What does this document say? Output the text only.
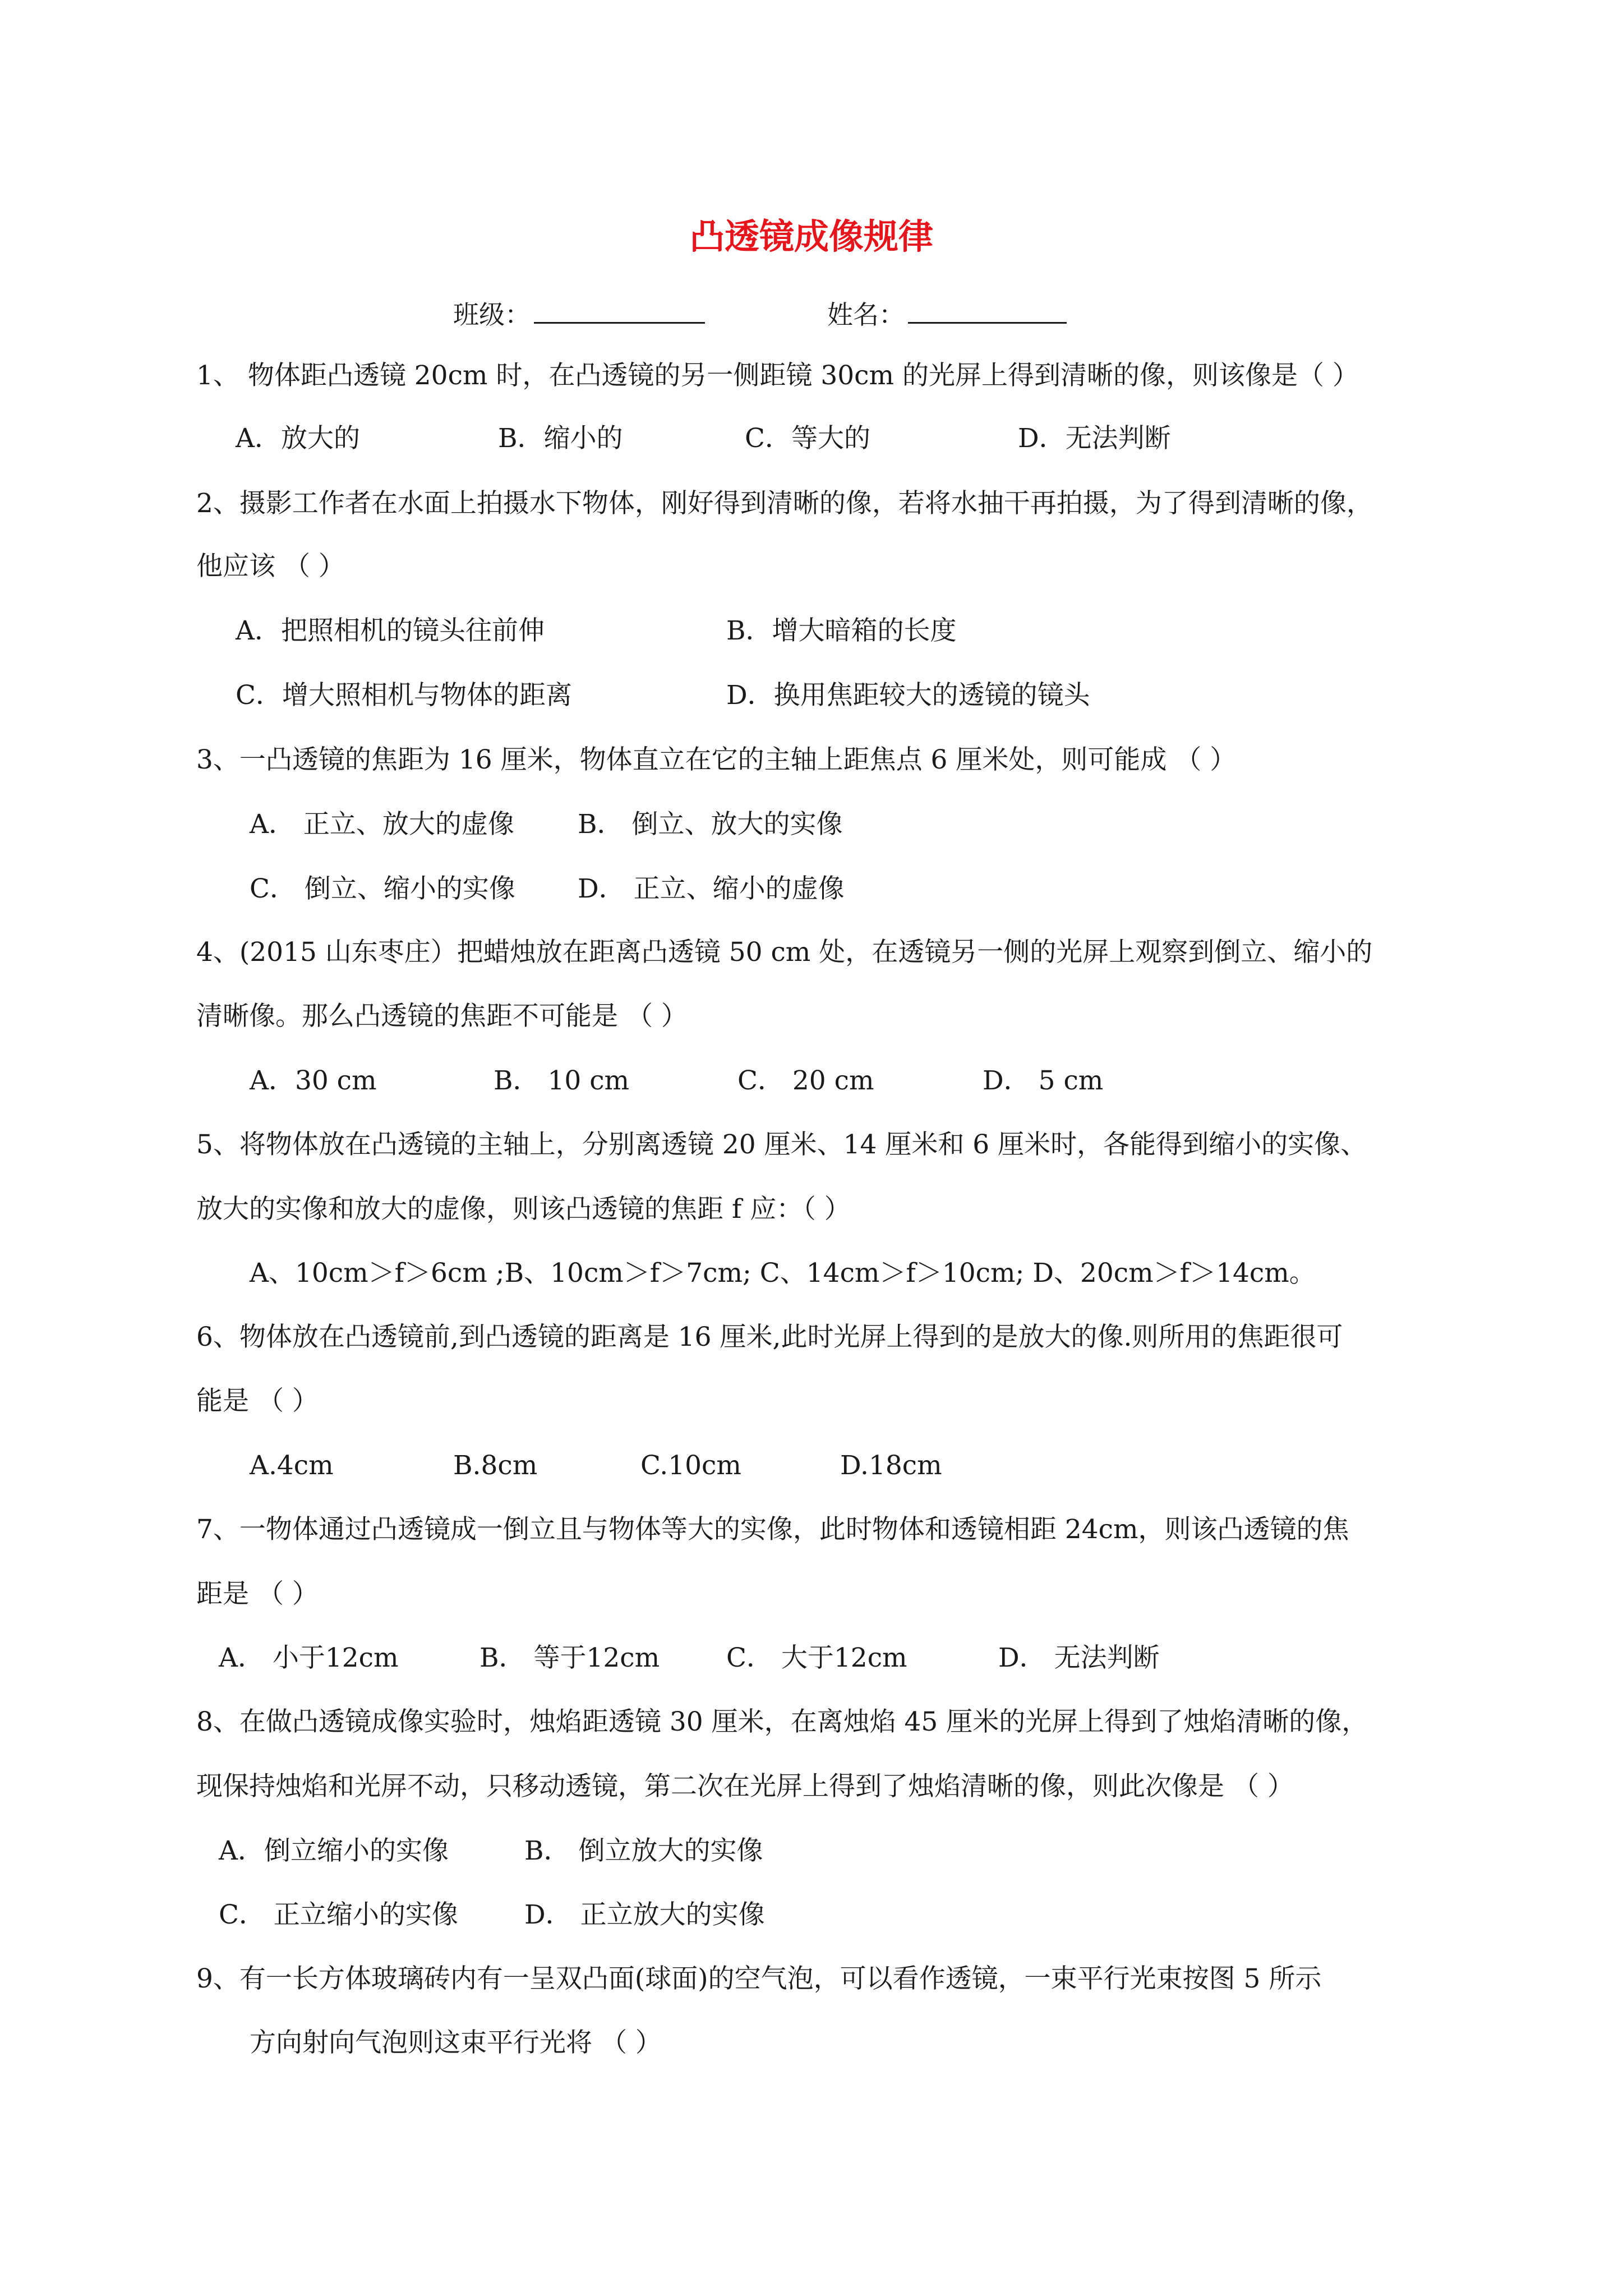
凸透镜成像规律
班级：	姓名：
1、 物体距凸透镜 20cm 时，在凸透镜的另一侧距镜 30cm 的光屏上得到清晰的像，则该像是（ ）
A．放大的	B．缩小的	C．等大的	D．无法判断
2、摄影工作者在水面上拍摄水下物体，刚好得到清晰的像，若将水抽干再拍摄，为了得到清晰的像，
他应该 （ ）
A．把照相机的镜头往前伸	B．增大暗箱的长度
C．增大照相机与物体的距离	D．换用焦距较大的透镜的镜头
3、一凸透镜的焦距为 16 厘米，物体直立在它的主轴上距焦点 6 厘米处，则可能成 （ ）
A． 正立、放大的虚像 B． 倒立、放大的实像
C． 倒立、缩小的实像 D． 正立、缩小的虚像
4、(2015 山东枣庄）把蜡烛放在距离凸透镜 50 cm 处，在透镜另一侧的光屏上观察到倒立、缩小的
清晰像。那么凸透镜的焦距不可能是 （ ）
A．30 cm	B． 10 cm	C． 20 cm	D． 5 cm
5、将物体放在凸透镜的主轴上，分别离透镜 20 厘米、14 厘米和 6 厘米时，各能得到缩小的实像、
放大的实像和放大的虚像，则该凸透镜的焦距 f 应：（ ）
A、10cm＞f＞6cm ;B、10cm＞f＞7cm; C、14cm＞f＞10cm; D、20cm＞f＞14cm。
6、物体放在凸透镜前,到凸透镜的距离是 16 厘米,此时光屏上得到的是放大的像.则所用的焦距很可
能是 （ ）
A.4cm	B.8cm	C.10cm	D.18cm
7、一物体通过凸透镜成一倒立且与物体等大的实像，此时物体和透镜相距 24cm，则该凸透镜的焦
距是 （ ）
A． 小于12cm	B． 等于12cm	C． 大于12cm	D． 无法判断
8、在做凸透镜成像实验时，烛焰距透镜 30 厘米，在离烛焰 45 厘米的光屏上得到了烛焰清晰的像，
现保持烛焰和光屏不动，只移动透镜，第二次在光屏上得到了烛焰清晰的像，则此次像是 （ ）
A．倒立缩小的实像	B． 倒立放大的实像
C． 正立缩小的实像	D． 正立放大的实像
9、有一长方体玻璃砖内有一呈双凸面(球面)的空气泡，可以看作透镜，一束平行光束按图 5 所示
方向射向气泡则这束平行光将 （ ）
